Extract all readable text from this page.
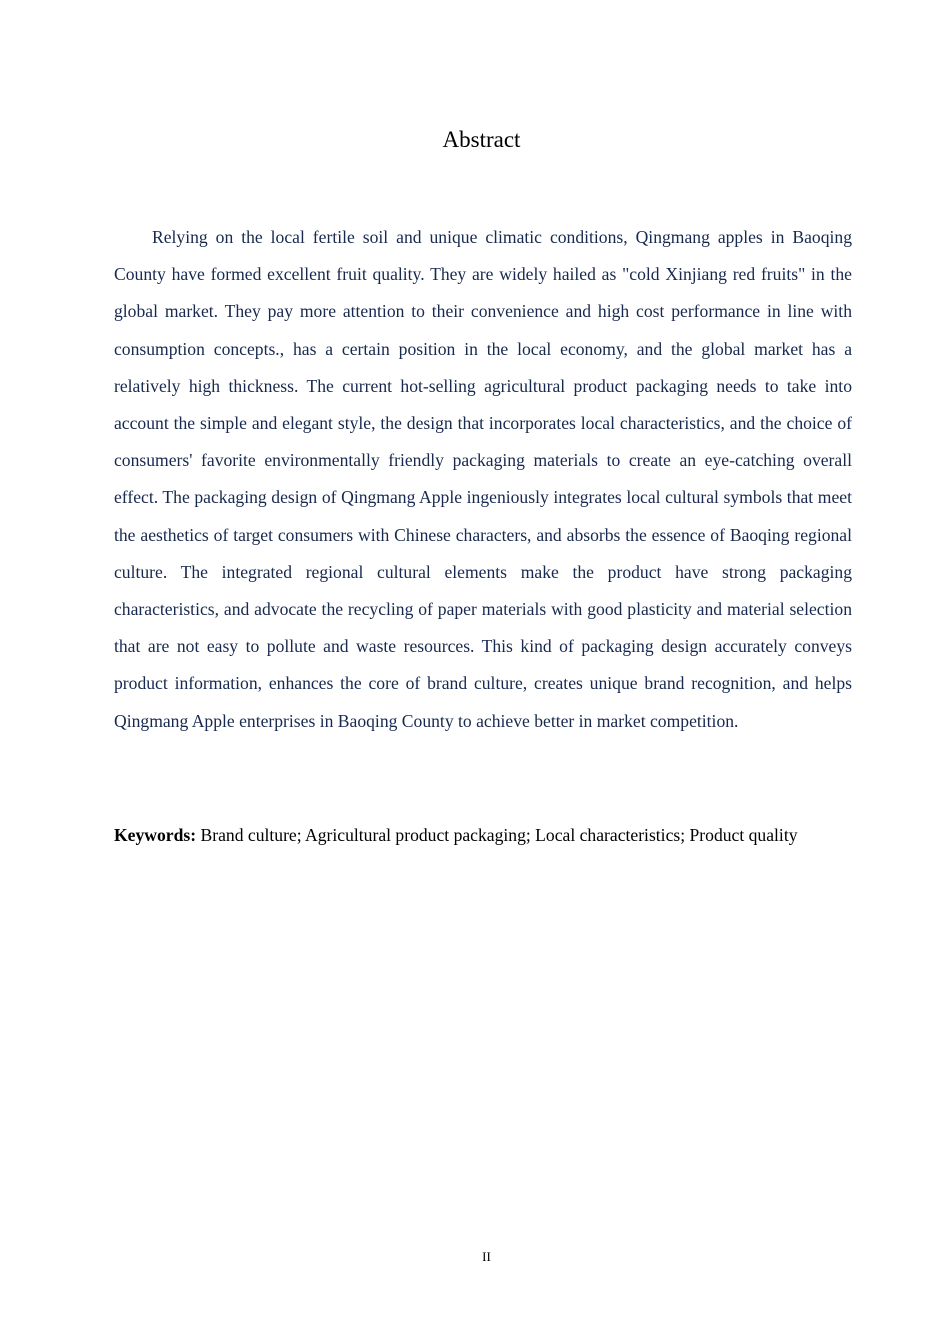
Abstract

Relying on the local fertile soil and unique climatic conditions, Qingmang apples in Baoqing County have formed excellent fruit quality. They are widely hailed as "cold Xinjiang red fruits" in the global market. They pay more attention to their convenience and high cost performance in line with consumption concepts., has a certain position in the local economy, and the global market has a relatively high thickness. The current hot-selling agricultural product packaging needs to take into account the simple and elegant style, the design that incorporates local characteristics, and the choice of consumers' favorite environmentally friendly packaging materials to create an eye-catching overall effect. The packaging design of Qingmang Apple ingeniously integrates local cultural symbols that meet the aesthetics of target consumers with Chinese characters, and absorbs the essence of Baoqing regional culture. The integrated regional cultural elements make the product have strong packaging characteristics, and advocate the recycling of paper materials with good plasticity and material selection that are not easy to pollute and waste resources. This kind of packaging design accurately conveys product information, enhances the core of brand culture, creates unique brand recognition, and helps Qingmang Apple enterprises in Baoqing County to achieve better in market competition.

Keywords: Brand culture; Agricultural product packaging; Local characteristics; Product quality

II
